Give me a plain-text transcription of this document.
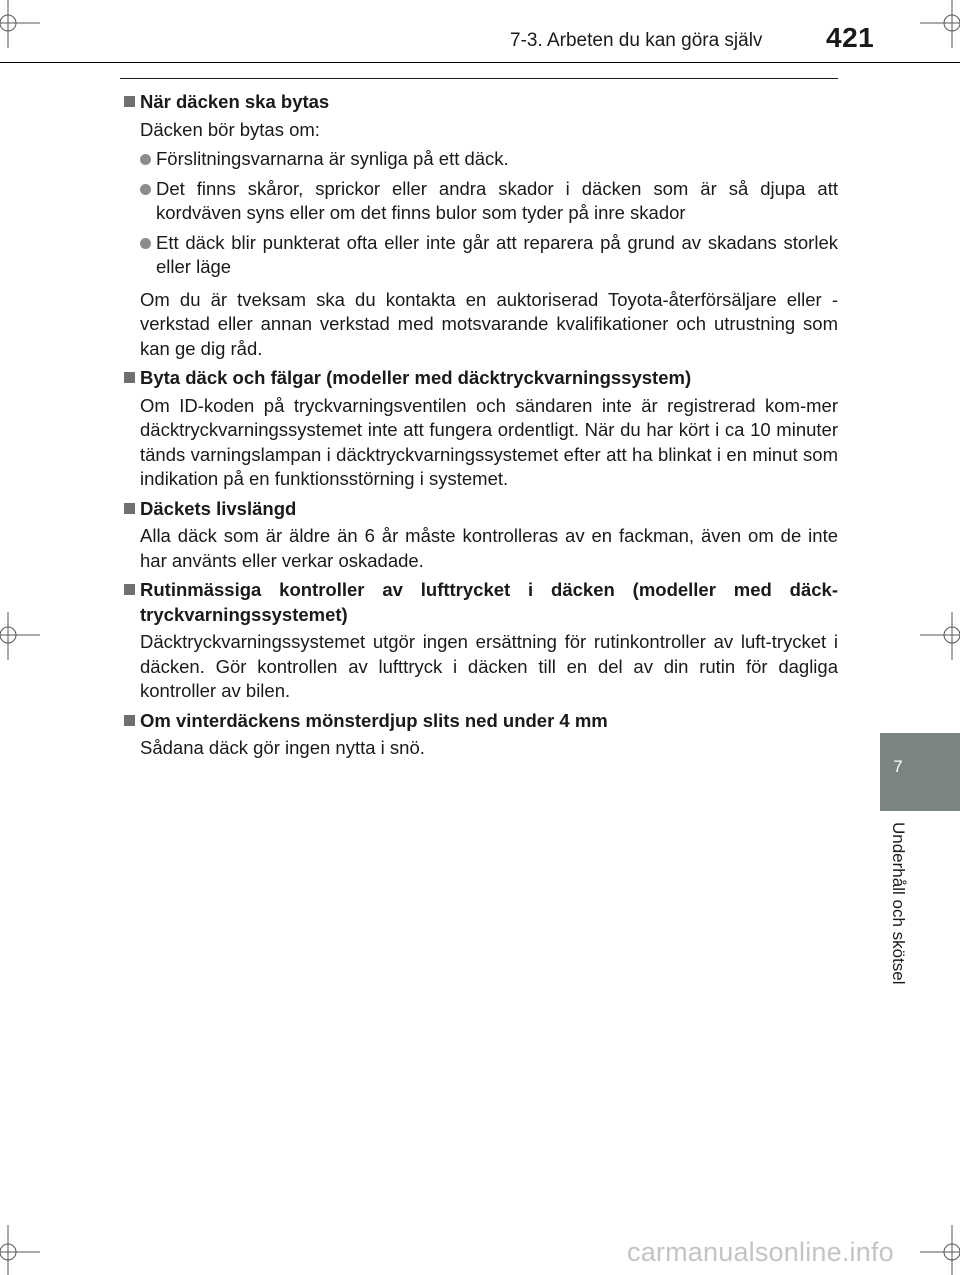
7-3. Arbeten du kan göra själv 421
När däcken ska bytas
Däcken bör bytas om:
Förslitningsvarnarna är synliga på ett däck.
Det finns skåror, sprickor eller andra skador i däcken som är så djupa att kordväven syns eller om det finns bulor som tyder på inre skador
Ett däck blir punkterat ofta eller inte går att reparera på grund av skadans storlek eller läge
Om du är tveksam ska du kontakta en auktoriserad Toyota-återförsäljare eller -verkstad eller annan verkstad med motsvarande kvalifikationer och utrustning som kan ge dig råd.
Byta däck och fälgar (modeller med däcktryckvarningssystem)
Om ID-koden på tryckvarningsventilen och sändaren inte är registrerad kom-mer däcktryckvarningssystemet inte att fungera ordentligt. När du har kört i ca 10 minuter tänds varningslampan i däcktryckvarningssystemet efter att ha blinkat i en minut som indikation på en funktionsstörning i systemet.
Däckets livslängd
Alla däck som är äldre än 6 år måste kontrolleras av en fackman, även om de inte har använts eller verkar oskadade.
Rutinmässiga kontroller av lufttrycket i däcken (modeller med däck-tryckvarningssystemet)
Däcktryckvarningssystemet utgör ingen ersättning för rutinkontroller av luft-trycket i däcken. Gör kontrollen av lufttryck i däcken till en del av din rutin för dagliga kontroller av bilen.
Om vinterdäckens mönsterdjup slits ned under 4 mm
Sådana däck gör ingen nytta i snö.
7
Underhåll och skötsel
carmanualsonline.info
